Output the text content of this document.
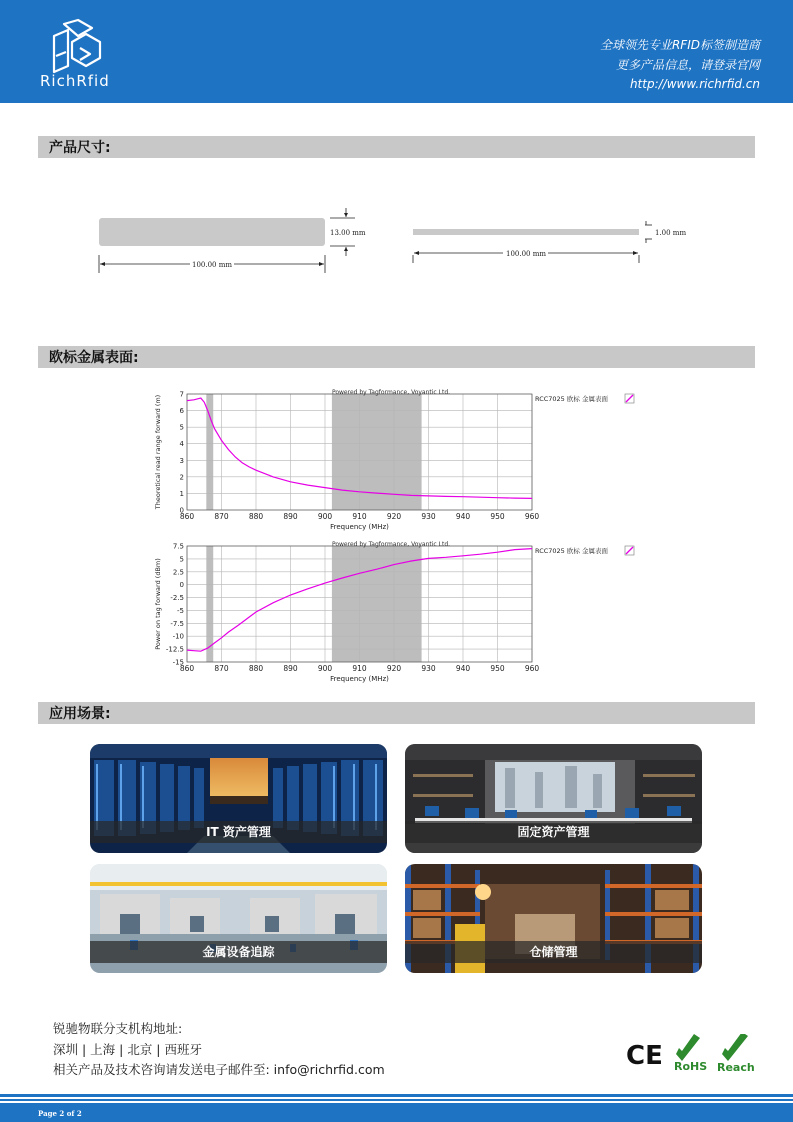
RichRfid
全球领先专业RFID标签制造商
更多产品信息，请登录官网
http://www.richrfid.cn
产品尺寸:
100.00 mm
13.00 mm
100.00 mm
1.00 mm
欧标金属表面:
860	870	880	890	900	910	920	930	940	950	960
0
1
2
3
4
5
6
7
RCC7025 欧标 金属表面
Powered by Tagformance, Voyantic Ltd.
Frequency (MHz)
Theoretical read range forward (m)
860	870	880	890	900	910	920	930	940	950	960
7.5
5
2.5
0
-2.5
-5
-7.5
-10
-12.5
-15
RCC7025 欧标 金属表面
Powered by Tagformance, Voyantic Ltd.
Frequency (MHz)
Power on tag forward (dBm)
应用场景:
IT 资产管理	固定资产管理
金属设备追踪	仓储管理
锐驰物联分支机构地址:
深圳 | 上海 | 北京 | 西班牙
相关产品及技术咨询请发送电子邮件至: info@richrfid.com	CE RoHS Reach
Page 2 of 2
